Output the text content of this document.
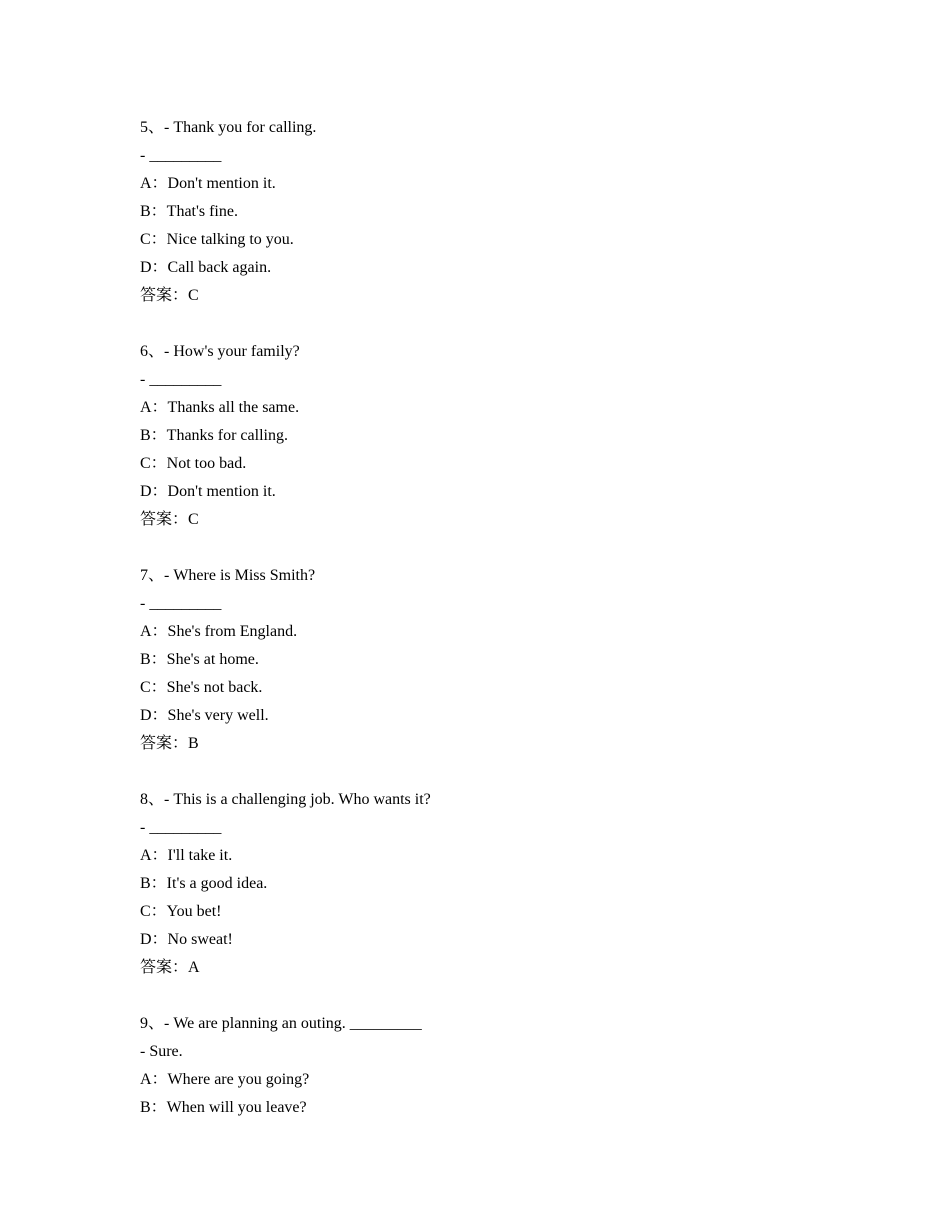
5、- Thank you for calling.
- _________
A：Don't mention it.
B：That's fine.
C：Nice talking to you.
D：Call back again.
答案：C
6、- How's your family?
- _________
A：Thanks all the same.
B：Thanks for calling.
C：Not too bad.
D：Don't mention it.
答案：C
7、- Where is Miss Smith?
- _________
A：She's from England.
B：She's at home.
C：She's not back.
D：She's very well.
答案：B
8、- This is a challenging job. Who wants it?
- _________
A：I'll take it.
B：It's a good idea.
C：You bet!
D：No sweat!
答案：A
9、- We are planning an outing. _________
- Sure.
A：Where are you going?
B：When will you leave?
